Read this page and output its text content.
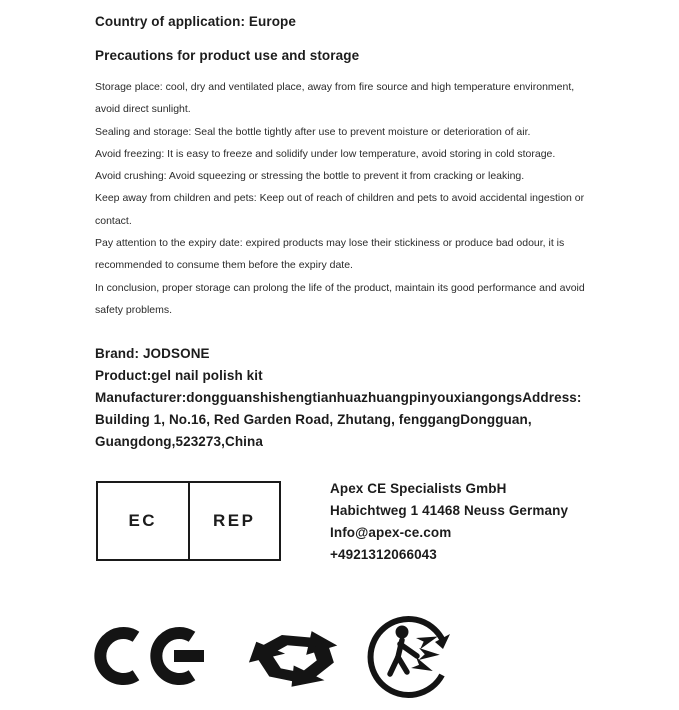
Country of application: Europe
Precautions for product use and storage
Storage place: cool, dry and ventilated place, away from fire source and high temperature environment,
avoid direct sunlight.
Sealing and storage: Seal the bottle tightly after use to prevent moisture or deterioration of air.
Avoid freezing: It is easy to freeze and solidify under low temperature, avoid storing in cold storage.
Avoid crushing: Avoid squeezing or stressing the bottle to prevent it from cracking or leaking.
Keep away from children and pets: Keep out of reach of children and pets to avoid accidental ingestion or
contact.
Pay attention to the expiry date: expired products may lose their stickiness or produce bad odour, it is
recommended to consume them before the expiry date.
In conclusion, proper storage can prolong the life of the product, maintain its good performance and avoid
safety problems.
Brand: JODSONE
Product:gel nail polish kit
Manufacturer:dongguanshishengtianhuazhuangpinyouxiangongsAddress:
Building 1, No.16, Red Garden Road, Zhutang, fenggangDongguan,
Guangdong,523273,China
EC	REP
Apex CE Specialists GmbH
Habichtweg 1 41468 Neuss Germany
Info@apex-ce.com
+4921312066043
